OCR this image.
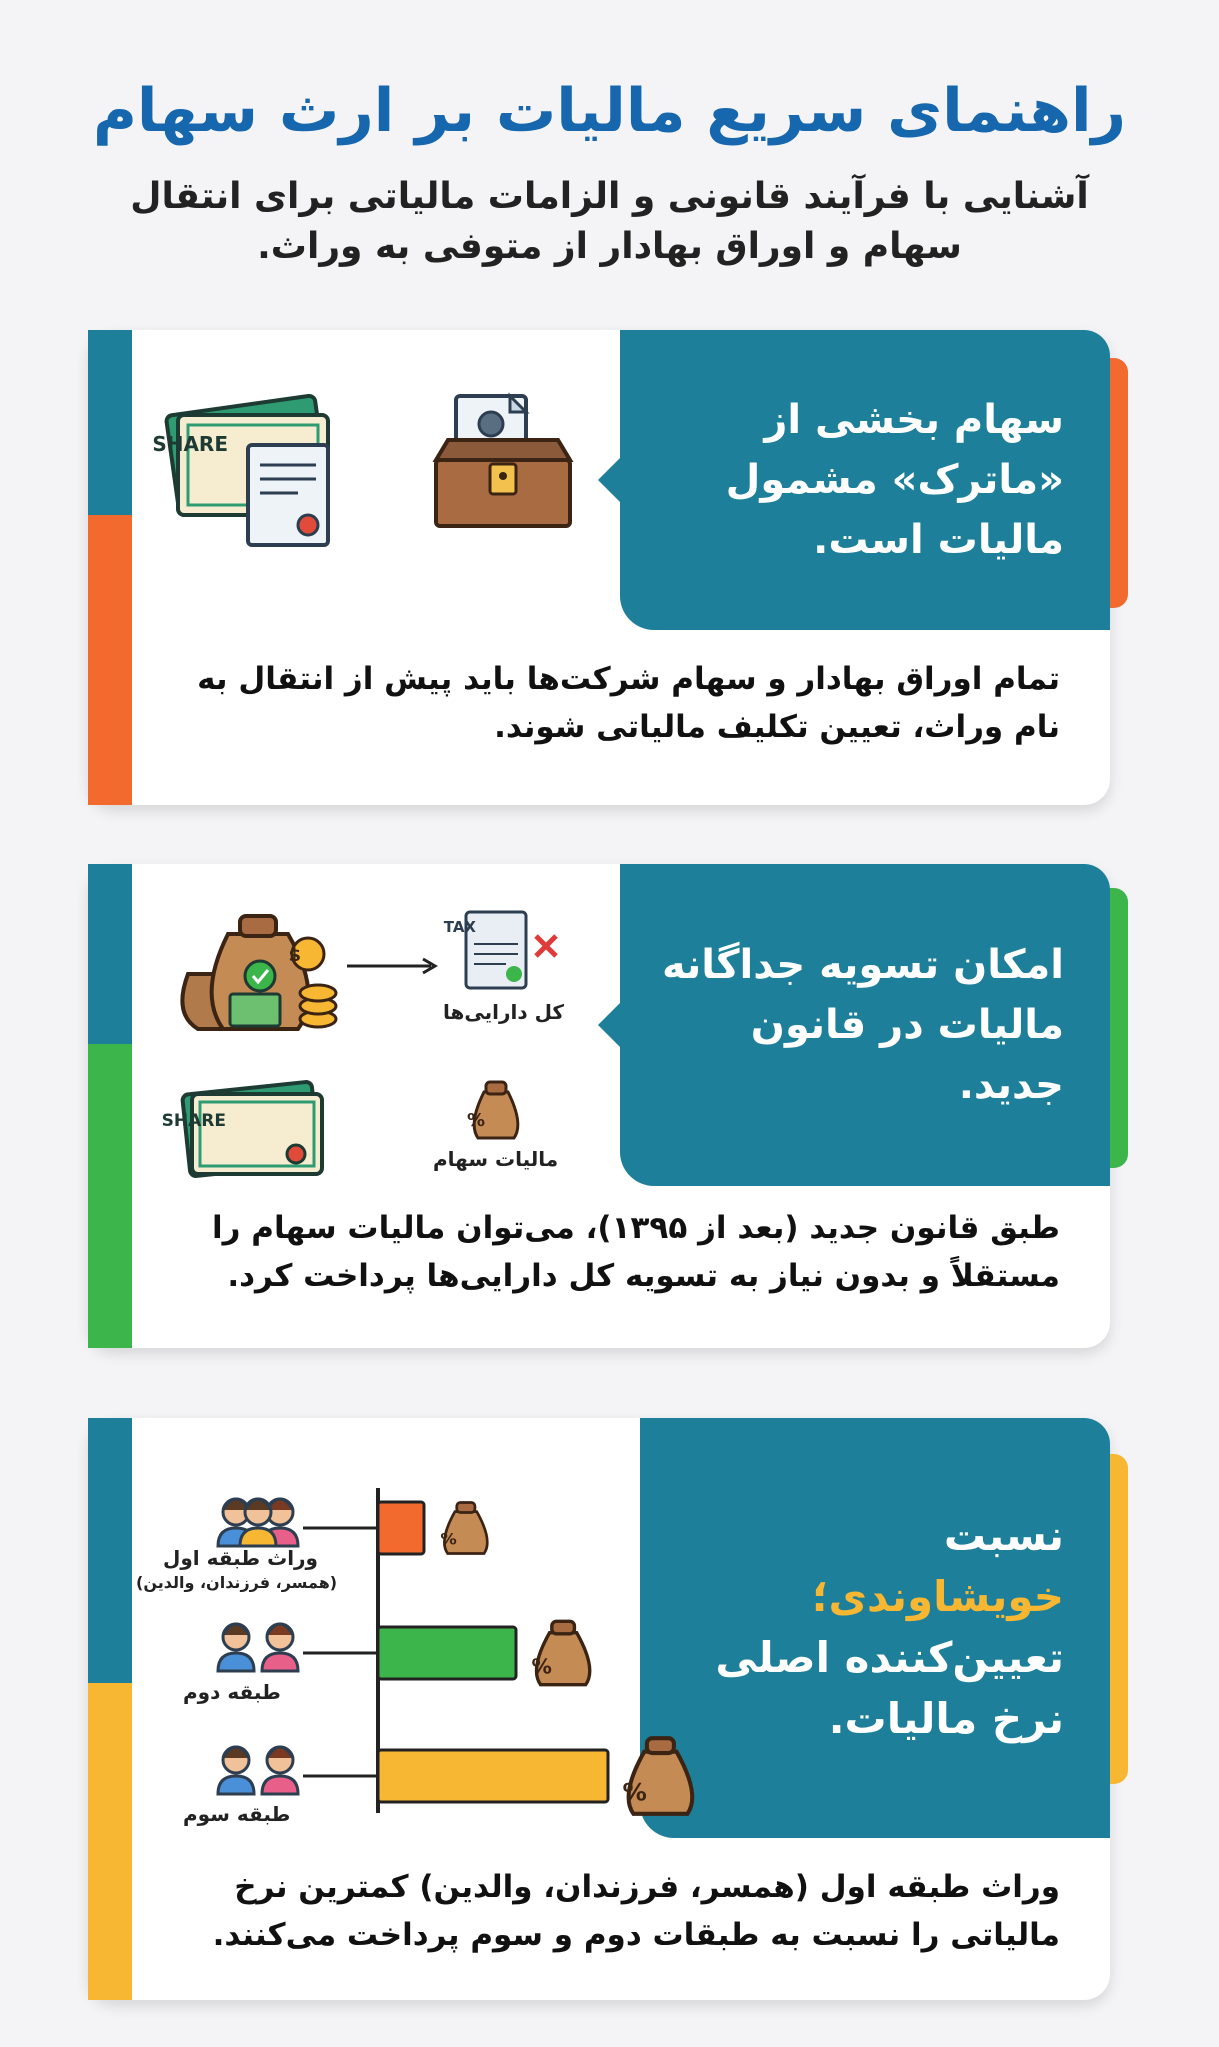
راهنمای سریع مالیات بر ارث سهام
آشنایی با فرآیند قانونی و الزامات مالیاتی برای انتقال سهام و اوراق بهادار از متوفی به وراث.
سهام بخشی از «ماترک» مشمول مالیات است.
SHARE
تمام اوراق بهادار و سهام شرکت‌ها باید پیش از انتقال به نام وراث، تعیین تکلیف مالیاتی شوند.
امکان تسویه جداگانه مالیات در قانون جدید.
$
TAX
کل دارایی‌ها
SHARE	%
مالیات سهام
طبق قانون جدید (بعد از ۱۳۹۵)، می‌توان مالیات سهام را مستقلاً و بدون نیاز به تسویه کل دارایی‌ها پرداخت کرد.
نسبت
خویشاوندی؛
تعیین‌کننده اصلی نرخ مالیات.
%
%
%
وراث طبقه اول
(همسر، فرزندان، والدین)
طبقه دوم
طبقه سوم
وراث طبقه اول (همسر، فرزندان، والدین) کمترین نرخ مالیاتی را نسبت به طبقات دوم و سوم پرداخت می‌کنند.
